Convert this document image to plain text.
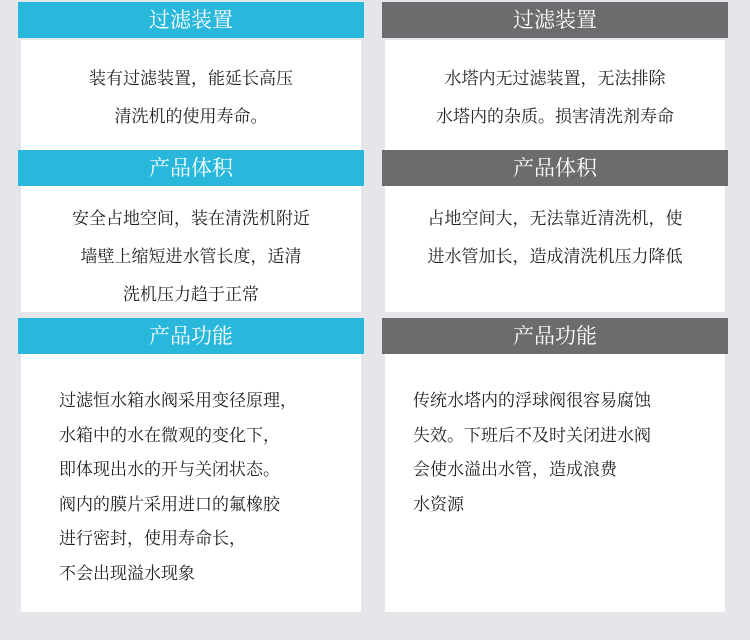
过滤装置
装有过滤装置，能延长高压
清洗机的使用寿命。
过滤装置
水塔内无过滤装置，无法排除
水塔内的杂质。损害清洗剂寿命
产品体积
安全占地空间，装在清洗机附近
墙壁上缩短进水管长度，适清
洗机压力趋于正常
产品体积
占地空间大，无法靠近清洗机，使
进水管加长，造成清洗机压力降低
产品功能
过滤恒水箱水阀采用变径原理，
水箱中的水在微观的变化下，
即体现出水的开与关闭状态。
阀内的膜片采用进口的氟橡胶
进行密封，使用寿命长，
不会出现溢水现象
产品功能
传统水塔内的浮球阀很容易腐蚀
失效。下班后不及时关闭进水阀
会使水溢出水管，造成浪费
水资源
